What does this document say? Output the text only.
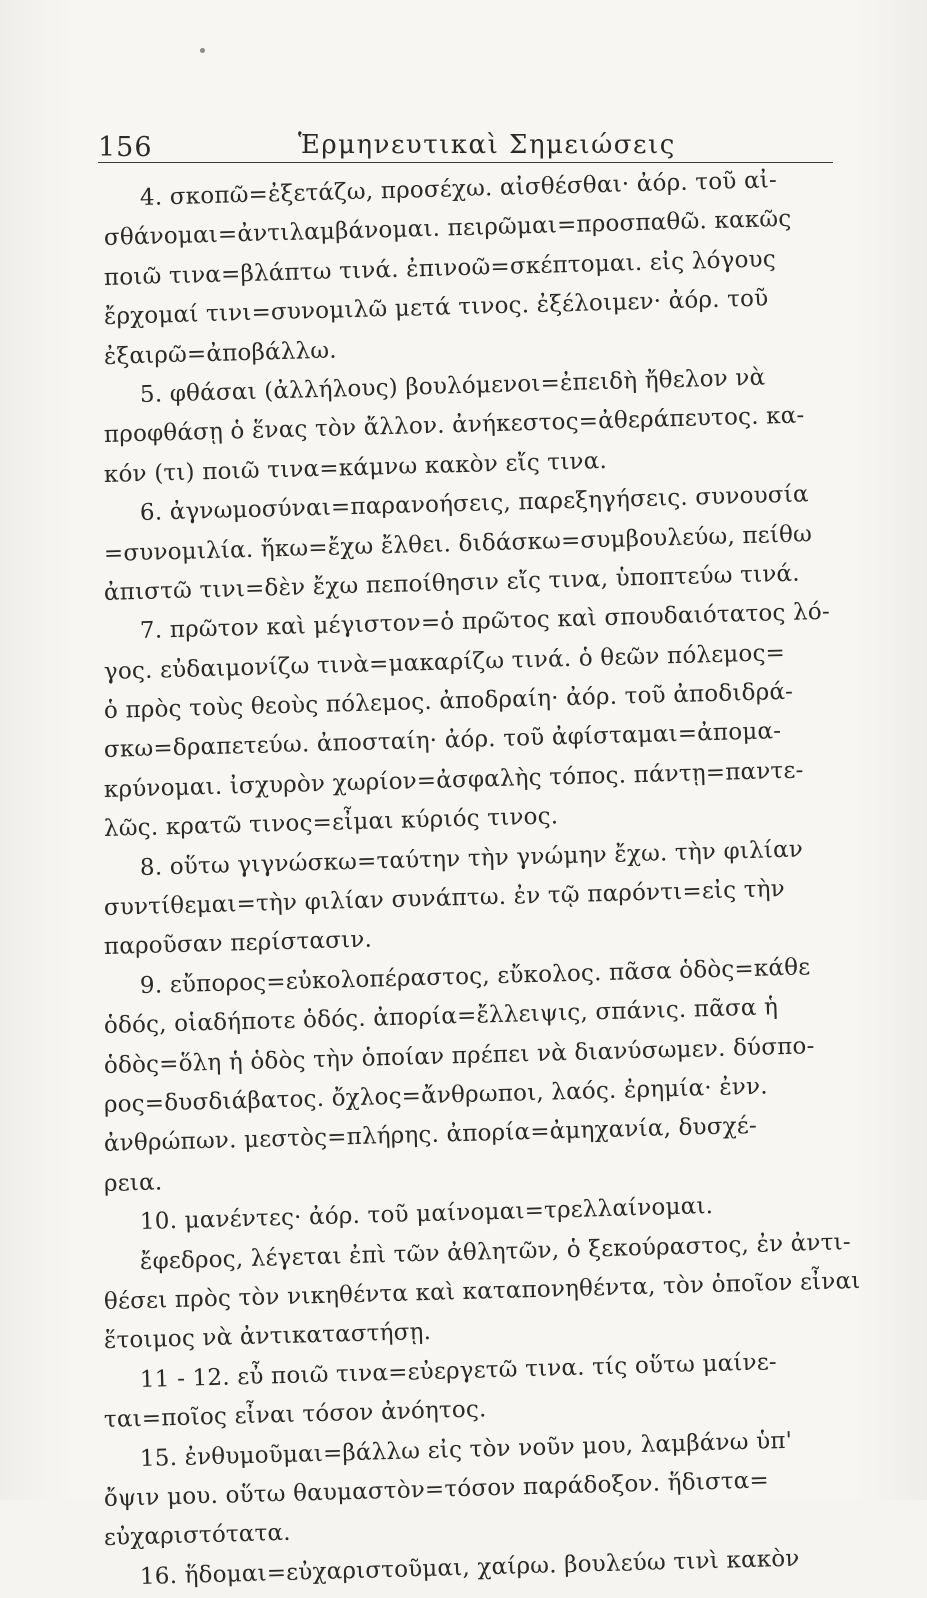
156	Ἑρμηνευτικαὶ Σημειώσεις
4. σκοπῶ=ἐξετάζω, προσέχω. αἰσθέσθαι· ἀόρ. τοῦ αἰ-
σθάνομαι=ἀντιλαμβάνομαι. πειρῶμαι=προσπαθῶ. κακῶς
ποιῶ τινα=βλάπτω τινά. ἐπινοῶ=σκέπτομαι. εἰς λόγους
ἔρχομαί τινι=συνομιλῶ μετά τινος. ἐξέλοιμεν· ἀόρ. τοῦ
ἐξαιρῶ=ἀποβάλλω.
5. φθάσαι (ἀλλήλους) βουλόμενοι=ἐπειδὴ ἤθελον νὰ
προφθάσῃ ὁ ἕνας τὸν ἄλλον. ἀνήκεστος=ἀθεράπευτος. κα-
κόν (τι) ποιῶ τινα=κάμνω κακὸν εἴς τινα.
6. ἀγνωμοσύναι=παρανοήσεις, παρεξηγήσεις. συνουσία
=συνομιλία. ἥκω=ἔχω ἔλθει. διδάσκω=συμβουλεύω, πείθω
ἀπιστῶ τινι=δὲν ἔχω πεποίθησιν εἴς τινα, ὑποπτεύω τινά.
7. πρῶτον καὶ μέγιστον=ὁ πρῶτος καὶ σπουδαιότατος λό-
γος. εὐδαιμονίζω τινὰ=μακαρίζω τινά. ὁ θεῶν πόλεμος=
ὁ πρὸς τοὺς θεοὺς πόλεμος. ἀποδραίη· ἀόρ. τοῦ ἀποδιδρά-
σκω=δραπετεύω. ἀποσταίη· ἀόρ. τοῦ ἀφίσταμαι=ἀπομα-
κρύνομαι. ἰσχυρὸν χωρίον=ἀσφαλὴς τόπος. πάντῃ=παντε-
λῶς. κρατῶ τινος=εἶμαι κύριός τινος.
8. οὕτω γιγνώσκω=ταύτην τὴν γνώμην ἔχω. τὴν φιλίαν
συντίθεμαι=τὴν φιλίαν συνάπτω. ἐν τῷ παρόντι=εἰς τὴν
παροῦσαν περίστασιν.
9. εὔπορος=εὐκολοπέραστος, εὔκολος. πᾶσα ὁδὸς=κάθε
ὁδός, οἱαδήποτε ὁδός. ἀπορία=ἔλλειψις, σπάνις. πᾶσα ἡ
ὁδὸς=ὅλη ἡ ὁδὸς τὴν ὁποίαν πρέπει νὰ διανύσωμεν. δύσπο-
ρος=δυσδιάβατος. ὄχλος=ἄνθρωποι, λαός. ἐρημία· ἐνν.
ἀνθρώπων. μεστὸς=πλήρης. ἀπορία=ἀμηχανία, δυσχέ-
ρεια.
10. μανέντες· ἀόρ. τοῦ μαίνομαι=τρελλαίνομαι.
ἔφεδρος, λέγεται ἐπὶ τῶν ἀθλητῶν, ὁ ξεκούραστος, ἐν ἀντι-
θέσει πρὸς τὸν νικηθέντα καὶ καταπονηθέντα, τὸν ὁποῖον εἶναι
ἕτοιμος νὰ ἀντικαταστήσῃ.
11 - 12. εὖ ποιῶ τινα=εὐεργετῶ τινα. τίς οὕτω μαίνε-
ται=ποῖος εἶναι τόσον ἀνόητος.
15. ἐνθυμοῦμαι=βάλλω εἰς τὸν νοῦν μου, λαμβάνω ὑπ'
ὄψιν μου. οὕτω θαυμαστὸν=τόσον παράδοξον. ἥδιστα=
εὐχαριστότατα.
16. ἥδομαι=εὐχαριστοῦμαι, χαίρω. βουλεύω τινὶ κακὸν
